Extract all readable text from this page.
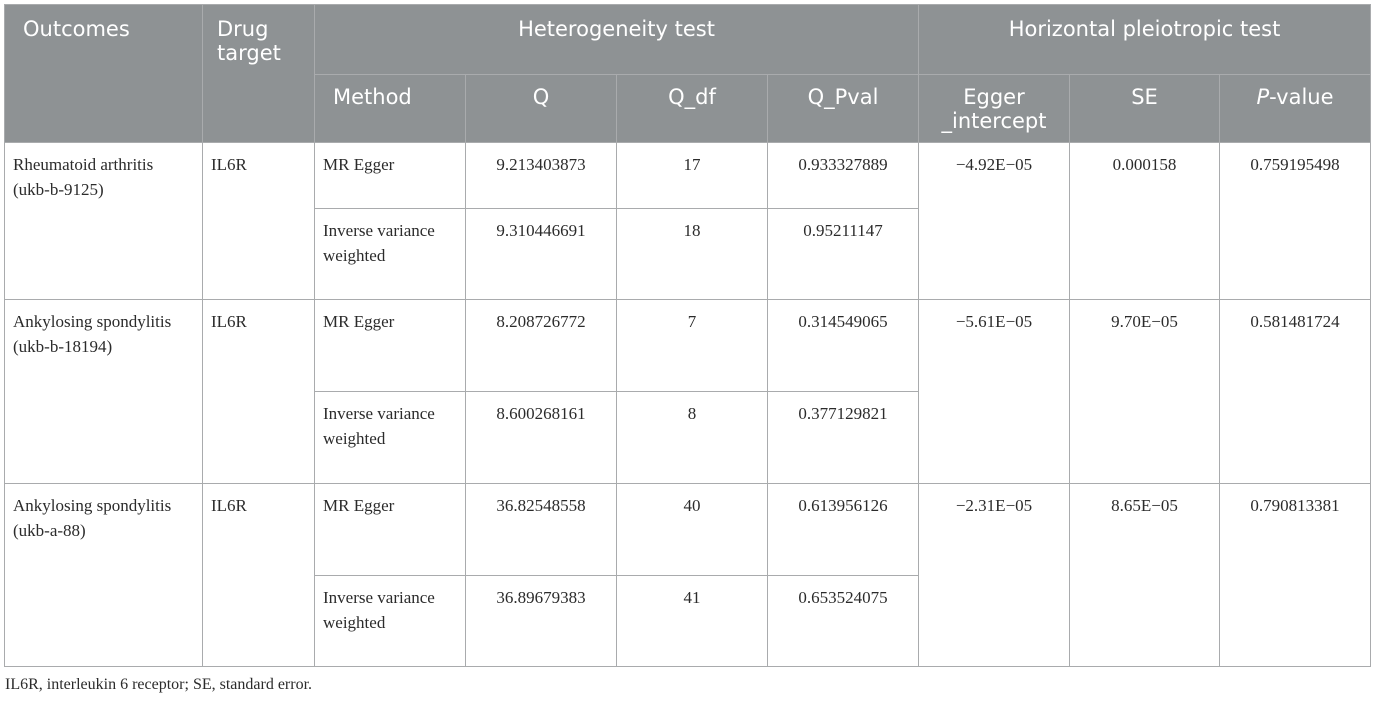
Outcomes	Drug target	Heterogeneity test				Horizontal pleiotropic test		
		Method	Q	Q_df	Q_Pval	Egger _intercept	SE	P-value
Rheumatoid arthritis (ukb-b-9125)	IL6R	MR Egger	9.213403873	17	0.933327889	−4.92E−05	0.000158	0.759195498
		Inverse variance weighted	9.310446691	18	0.95211147			
Ankylosing spondylitis (ukb-b-18194)	IL6R	MR Egger	8.208726772	7	0.314549065	−5.61E−05	9.70E−05	0.581481724
		Inverse variance weighted	8.600268161	8	0.377129821			
Ankylosing spondylitis (ukb-a-88)	IL6R	MR Egger	36.82548558	40	0.613956126	−2.31E−05	8.65E−05	0.790813381
		Inverse variance weighted	36.89679383	41	0.653524075			
IL6R, interleukin 6 receptor; SE, standard error.
